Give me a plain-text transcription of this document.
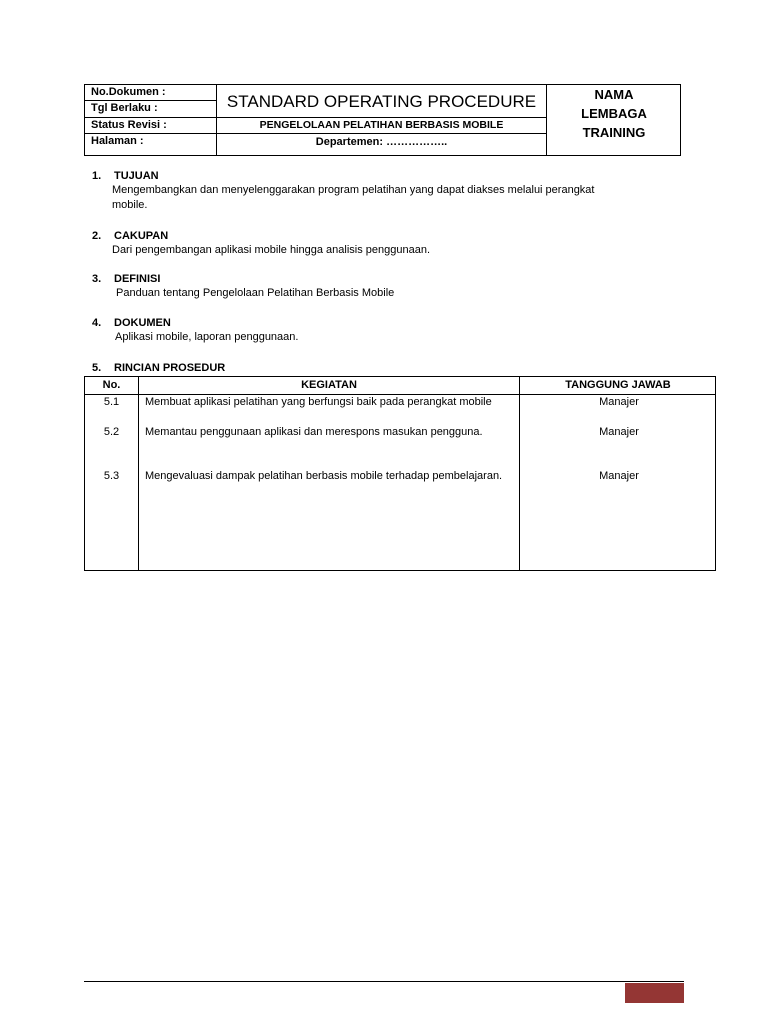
No.Dokumen :
Tgl Berlaku :
Status Revisi :
Halaman :
STANDARD OPERATING PROCEDURE
PENGELOLAAN PELATIHAN BERBASIS MOBILE
Departemen: ……………..
NAMA
LEMBAGA
TRAINING
1. TUJUAN
Mengembangkan dan menyelenggarakan program pelatihan yang dapat diakses melalui perangkat mobile.
2. CAKUPAN
Dari pengembangan aplikasi mobile hingga analisis penggunaan.
3. DEFINISI
Panduan tentang Pengelolaan Pelatihan Berbasis Mobile
4. DOKUMEN
Aplikasi mobile, laporan penggunaan.
5. RINCIAN PROSEDUR
No.	KEGIATAN	TANGGUNG JAWAB
5.1	Membuat aplikasi pelatihan yang berfungsi baik pada perangkat mobile	Manajer
5.2	Memantau penggunaan aplikasi dan merespons masukan pengguna.	Manajer
5.3	Mengevaluasi dampak pelatihan berbasis mobile terhadap pembelajaran.	Manajer
